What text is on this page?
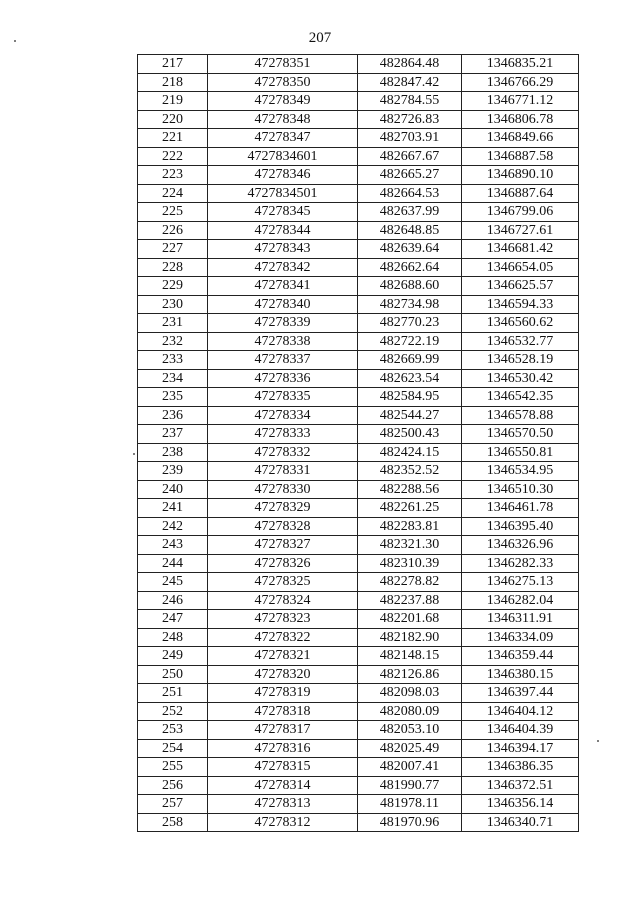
207
217	47278351	482864.48	1346835.21
218	47278350	482847.42	1346766.29
219	47278349	482784.55	1346771.12
220	47278348	482726.83	1346806.78
221	47278347	482703.91	1346849.66
222	4727834601	482667.67	1346887.58
223	47278346	482665.27	1346890.10
224	4727834501	482664.53	1346887.64
225	47278345	482637.99	1346799.06
226	47278344	482648.85	1346727.61
227	47278343	482639.64	1346681.42
228	47278342	482662.64	1346654.05
229	47278341	482688.60	1346625.57
230	47278340	482734.98	1346594.33
231	47278339	482770.23	1346560.62
232	47278338	482722.19	1346532.77
233	47278337	482669.99	1346528.19
234	47278336	482623.54	1346530.42
235	47278335	482584.95	1346542.35
236	47278334	482544.27	1346578.88
237	47278333	482500.43	1346570.50
238	47278332	482424.15	1346550.81
239	47278331	482352.52	1346534.95
240	47278330	482288.56	1346510.30
241	47278329	482261.25	1346461.78
242	47278328	482283.81	1346395.40
243	47278327	482321.30	1346326.96
244	47278326	482310.39	1346282.33
245	47278325	482278.82	1346275.13
246	47278324	482237.88	1346282.04
247	47278323	482201.68	1346311.91
248	47278322	482182.90	1346334.09
249	47278321	482148.15	1346359.44
250	47278320	482126.86	1346380.15
251	47278319	482098.03	1346397.44
252	47278318	482080.09	1346404.12
253	47278317	482053.10	1346404.39
254	47278316	482025.49	1346394.17
255	47278315	482007.41	1346386.35
256	47278314	481990.77	1346372.51
257	47278313	481978.11	1346356.14
258	47278312	481970.96	1346340.71
